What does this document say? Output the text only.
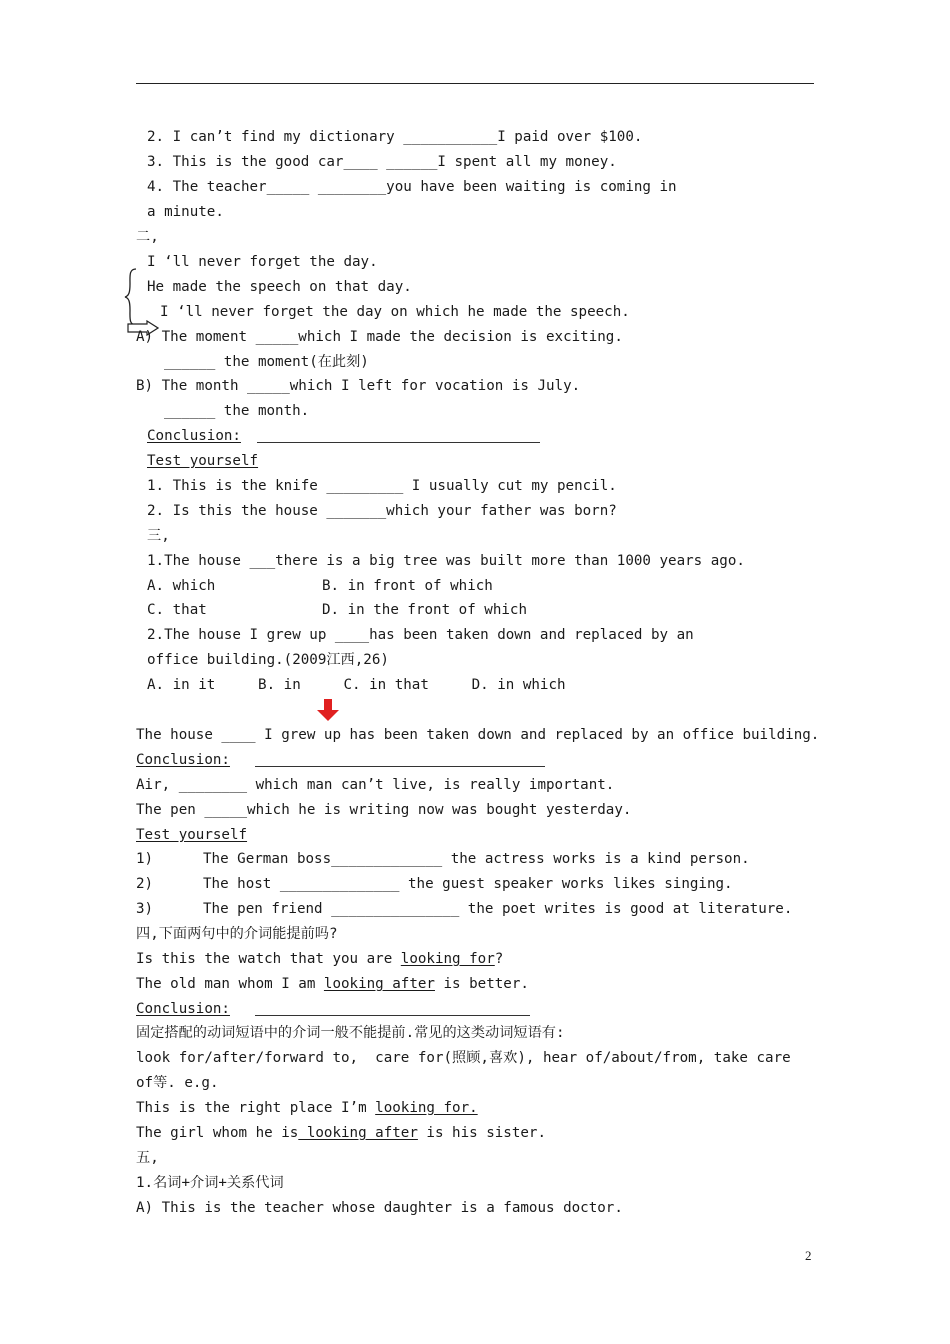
2. I can’t find my dictionary ___________I paid over $100.
3. This is the good car____ ______I spent all my money.
4. The teacher_____ ________you have been waiting is coming in
a minute.
二,
I ‘ll never forget the day.
He made the speech on that day.
I ‘ll never forget the day on which he made the speech.
A) The moment _____which I made the decision is exciting.
______ the moment(在此刻)
B) The month _____which I left for vocation is July.
______ the month.
Conclusion:
Test yourself
1. This is the knife _________ I usually cut my pencil.
2. Is this the house _______which your father was born?
三,
1.The house ___there is a big tree was built more than 1000 years ago.
A. which	B. in front of which
C. that	D. in the front of which
2.The house I grew up ____has been taken down and replaced by an
office building.(2009江西,26)
A. in it     B. in     C. in that     D. in which
The house ____ I grew up has been taken down and replaced by an office building.
Conclusion:
Air, ________ which man can’t live, is really important.
The pen _____which he is writing now was bought yesterday.
Test yourself
1)	The German boss_____________ the actress works is a kind person.
2)	The host ______________ the guest speaker works likes singing.
3)	The pen friend _______________ the poet writes is good at literature.
四,下面两句中的介词能提前吗?
Is this the watch that you are looking for?
The old man whom I am looking after is better.
Conclusion:
固定搭配的动词短语中的介词一般不能提前.常见的这类动词短语有:
look for/after/forward to,  care for(照顾,喜欢), hear of/about/from, take care
of等. e.g.
This is the right place I’m looking for.
The girl whom he is looking after is his sister.
五,
1.名词+介词+关系代词
A) This is the teacher whose daughter is a famous doctor.
2
